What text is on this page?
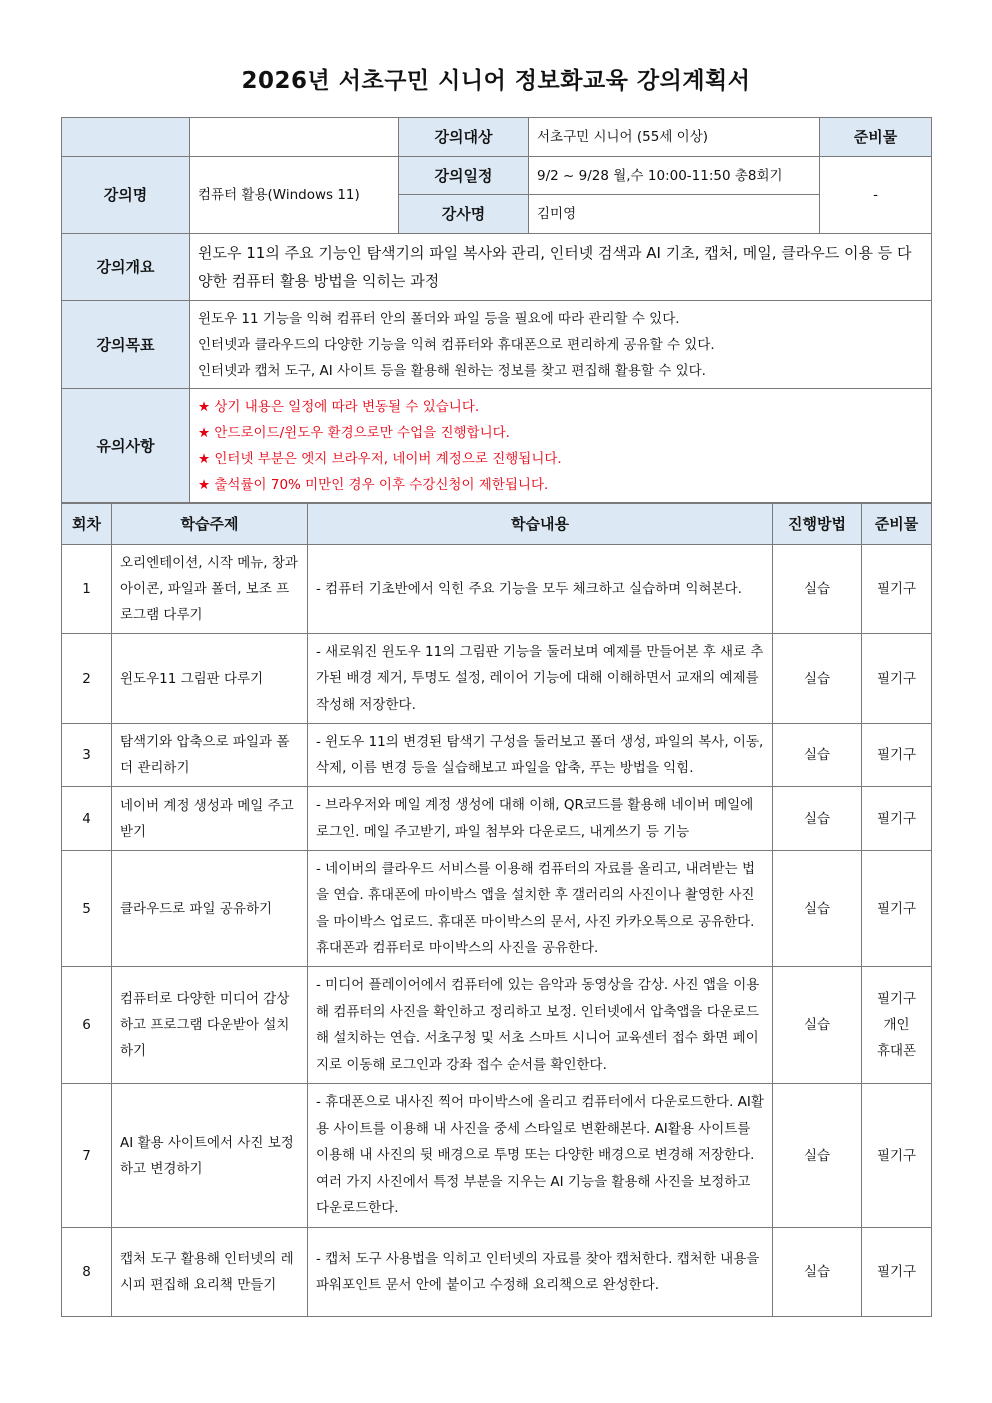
2026년 서초구민 시니어 정보화교육 강의계획서
		강의대상	서초구민 시니어 (55세 이상)	준비물
강의명	컴퓨터 활용(Windows 11)	강의일정	9/2 ~ 9/28 월,수 10:00-11:50 총8회기	-
		강사명	김미영	
강의개요	윈도우 11의 주요 기능인 탐색기의 파일 복사와 관리, 인터넷 검색과 AI 기초, 캡처, 메일, 클라우드 이용 등 다양한 컴퓨터 활용 방법을 익히는 과정			
강의목표	윈도우 11 기능을 익혀 컴퓨터 안의 폴더와 파일 등을 필요에 따라 관리할 수 있다.
인터넷과 클라우드의 다양한 기능을 익혀 컴퓨터와 휴대폰으로 편리하게 공유할 수 있다.
인터넷과 캡처 도구, AI 사이트 등을 활용해 원하는 정보를 찾고 편집해 활용할 수 있다.			

유의사항	★ 상기 내용은 일정에 따라 변동될 수 있습니다.
★ 안드로이드/윈도우 환경으로만 수업을 진행합니다.
★ 인터넷 부분은 엣지 브라우저, 네이버 계정으로 진행됩니다.
★ 출석률이 70% 미만인 경우 이후 수강신청이 제한됩니다.			
회차	학습주제	학습내용	진행방법	준비물
1	오리엔테이션, 시작 메뉴, 창과 아이콘, 파일과 폴더, 보조 프로그램 다루기	- 컴퓨터 기초반에서 익힌 주요 기능을 모두 체크하고 실습하며 익혀본다.	실습	필기구
2	윈도우11 그림판 다루기	- 새로워진 윈도우 11의 그림판 기능을 둘러보며 예제를 만들어본 후 새로 추가된 배경 제거, 투명도 설정, 레이어 기능에 대해 이해하면서 교재의 예제를 작성해 저장한다.	실습	필기구
3	탐색기와 압축으로 파일과 폴더 관리하기	- 윈도우 11의 변경된 탐색기 구성을 둘러보고 폴더 생성, 파일의 복사, 이동, 삭제, 이름 변경 등을 실습해보고 파일을 압축, 푸는 방법을 익힘.	실습	필기구
4	네이버 계정 생성과 메일 주고받기	- 브라우저와 메일 계정 생성에 대해 이해, QR코드를 활용해 네이버 메일에 로그인. 메일 주고받기, 파일 첨부와 다운로드, 내게쓰기 등 기능	실습	필기구
5	클라우드로 파일 공유하기	- 네이버의 클라우드 서비스를 이용해 컴퓨터의 자료를 올리고, 내려받는 법을 연습. 휴대폰에 마이박스 앱을 설치한 후 갤러리의 사진이나 촬영한 사진을 마이박스 업로드. 휴대폰 마이박스의 문서, 사진 카카오톡으로 공유한다. 휴대폰과 컴퓨터로 마이박스의 사진을 공유한다.	실습	필기구
6	컴퓨터로 다양한 미디어 감상하고 프로그램 다운받아 설치하기	- 미디어 플레이어에서 컴퓨터에 있는 음악과 동영상을 감상. 사진 앱을 이용해 컴퓨터의 사진을 확인하고 정리하고 보정. 인터넷에서 압축앱을 다운로드해 설치하는 연습. 서초구청 및 서초 스마트 시니어 교육센터 접수 화면 페이지로 이동해 로그인과 강좌 접수 순서를 확인한다.	실습	필기구
개인
휴대폰
7	AI 활용 사이트에서 사진 보정하고 변경하기	- 휴대폰으로 내사진 찍어 마이박스에 올리고 컴퓨터에서 다운로드한다. AI활용 사이트를 이용해 내 사진을 중세 스타일로 변환해본다. AI활용 사이트를 이용해 내 사진의 뒷 배경으로 투명 또는 다양한 배경으로 변경해 저장한다. 여러 가지 사진에서 특정 부분을 지우는 AI 기능을 활용해 사진을 보정하고 다운로드한다.	실습	필기구
8	캡처 도구 활용해 인터넷의 레시피 편집해 요리책 만들기	- 캡처 도구 사용법을 익히고 인터넷의 자료를 찾아 캡처한다. 캡처한 내용을 파워포인트 문서 안에 붙이고 수정해 요리책으로 완성한다.	실습	필기구
